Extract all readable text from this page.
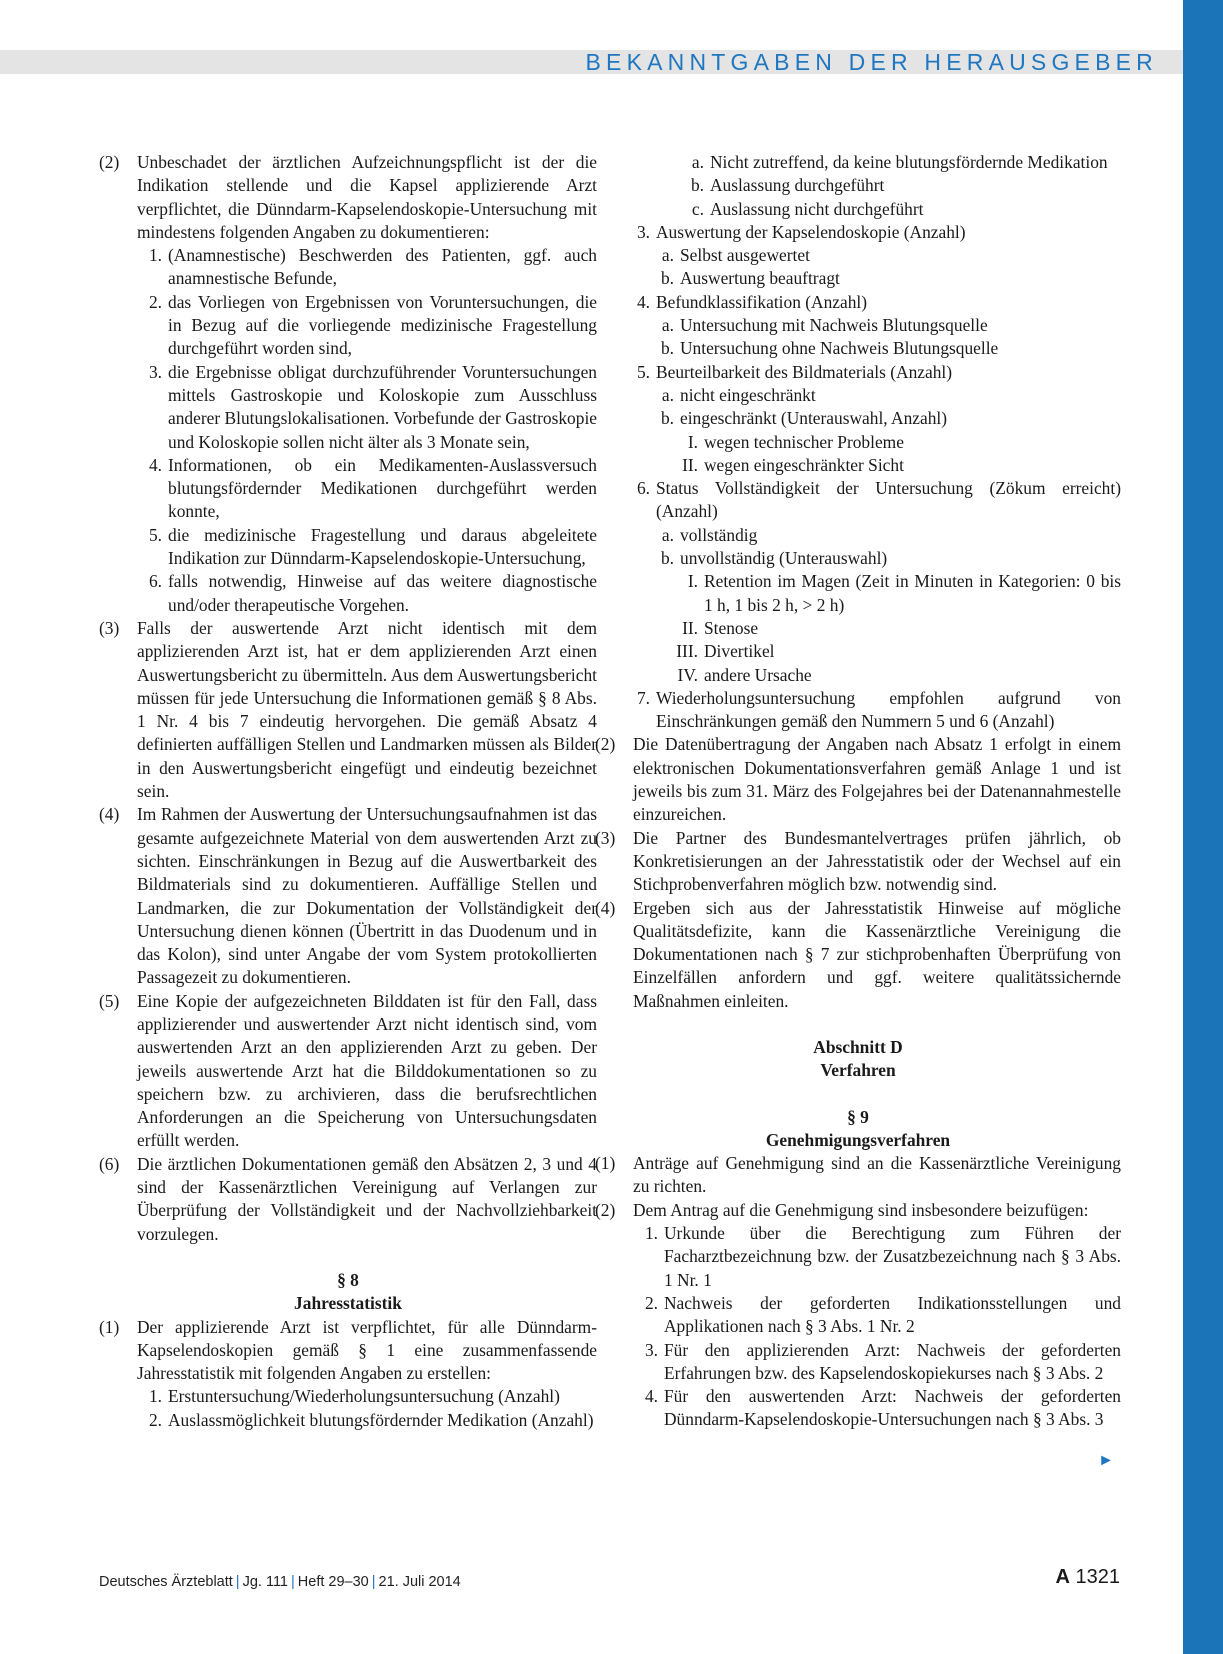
BEKANNTGABEN DER HERAUSGEBER
(2)	Unbeschadet der ärztlichen Aufzeichnungspflicht ist der die Indikation stellende und die Kapsel applizierende Arzt verpflichtet, die Dünndarm-Kapselendoskopie-Untersuchung mit mindestens folgenden Angaben zu dokumentieren:
1. (Anamnestische) Beschwerden des Patienten, ggf. auch anamnestische Befunde,
2. das Vorliegen von Ergebnissen von Voruntersuchungen, die in Bezug auf die vorliegende medizinische Fragestellung durchgeführt worden sind,
3. die Ergebnisse obligat durchzuführender Voruntersuchungen mittels Gastroskopie und Koloskopie zum Ausschluss anderer Blutungslokalisationen. Vorbefunde der Gastroskopie und Koloskopie sollen nicht älter als 3 Monate sein,
4. Informationen, ob ein Medikamenten-Auslassversuch blutungsfördernder Medikationen durchgeführt werden konnte,
5. die medizinische Fragestellung und daraus abgeleitete Indikation zur Dünndarm-Kapselendoskopie-Untersuchung,
6. falls notwendig, Hinweise auf das weitere diagnostische und/oder therapeutische Vorgehen.
(3)	Falls der auswertende Arzt nicht identisch mit dem applizierenden Arzt ist, hat er dem applizierenden Arzt einen Auswertungsbericht zu übermitteln. Aus dem Auswertungsbericht müssen für jede Untersuchung die Informationen gemäß § 8 Abs. 1 Nr. 4 bis 7 eindeutig hervorgehen. Die gemäß Absatz 4 definierten auffälligen Stellen und Landmarken müssen als Bilder in den Auswertungsbericht eingefügt und eindeutig bezeichnet sein.
(4)	Im Rahmen der Auswertung der Untersuchungsaufnahmen ist das gesamte aufgezeichnete Material von dem auswertenden Arzt zu sichten. Einschränkungen in Bezug auf die Auswertbarkeit des Bildmaterials sind zu dokumentieren. Auffällige Stellen und Landmarken, die zur Dokumentation der Vollständigkeit der Untersuchung dienen können (Übertritt in das Duodenum und in das Kolon), sind unter Angabe der vom System protokollierten Passagezeit zu dokumentieren.
(5)	Eine Kopie der aufgezeichneten Bilddaten ist für den Fall, dass applizierender und auswertender Arzt nicht identisch sind, vom auswertenden Arzt an den applizierenden Arzt zu geben. Der jeweils auswertende Arzt hat die Bilddokumentationen so zu speichern bzw. zu archivieren, dass die berufsrechtlichen Anforderungen an die Speicherung von Untersuchungsdaten erfüllt werden.
(6)	Die ärztlichen Dokumentationen gemäß den Absätzen 2, 3 und 4 sind der Kassenärztlichen Vereinigung auf Verlangen zur Überprüfung der Vollständigkeit und der Nachvollziehbarkeit vorzulegen.
§ 8
Jahresstatistik
(1)	Der applizierende Arzt ist verpflichtet, für alle Dünndarm-Kapselendoskopien gemäß § 1 eine zusammenfassende Jahresstatistik mit folgenden Angaben zu erstellen:
1. Erstuntersuchung/Wiederholungsuntersuchung (Anzahl)
2. Auslassmöglichkeit blutungsfördernder Medikation (Anzahl)
a. Nicht zutreffend, da keine blutungsfördernde Medikation
b. Auslassung durchgeführt
c. Auslassung nicht durchgeführt
3. Auswertung der Kapselendoskopie (Anzahl)
a. Selbst ausgewertet
b. Auswertung beauftragt
4. Befundklassifikation (Anzahl)
a. Untersuchung mit Nachweis Blutungsquelle
b. Untersuchung ohne Nachweis Blutungsquelle
5. Beurteilbarkeit des Bildmaterials (Anzahl)
a. nicht eingeschränkt
b. eingeschränkt (Unterauswahl, Anzahl)
I. wegen technischer Probleme
II. wegen eingeschränkter Sicht
6. Status Vollständigkeit der Untersuchung (Zökum erreicht) (Anzahl)
a. vollständig
b. unvollständig (Unterauswahl)
I. Retention im Magen (Zeit in Minuten in Kategorien: 0 bis 1 h, 1 bis 2 h, > 2 h)
II. Stenose
III. Divertikel
IV. andere Ursache
7. Wiederholungsuntersuchung empfohlen aufgrund von Einschränkungen gemäß den Nummern 5 und 6 (Anzahl)
(2)	Die Datenübertragung der Angaben nach Absatz 1 erfolgt in einem elektronischen Dokumentationsverfahren gemäß Anlage 1 und ist jeweils bis zum 31. März des Folgejahres bei der Datenannahmestelle einzureichen.
(3)	Die Partner des Bundesmantelvertrages prüfen jährlich, ob Konkretisierungen an der Jahresstatistik oder der Wechsel auf ein Stichprobenverfahren möglich bzw. notwendig sind.
(4)	Ergeben sich aus der Jahresstatistik Hinweise auf mögliche Qualitätsdefizite, kann die Kassenärztliche Vereinigung die Dokumentationen nach § 7 zur stichprobenhaften Überprüfung von Einzelfällen anfordern und ggf. weitere qualitätssichernde Maßnahmen einleiten.
Abschnitt D
Verfahren
§ 9
Genehmigungsverfahren
(1)	Anträge auf Genehmigung sind an die Kassenärztliche Vereinigung zu richten.
(2)	Dem Antrag auf die Genehmigung sind insbesondere beizufügen:
1. Urkunde über die Berechtigung zum Führen der Facharztbezeichnung bzw. der Zusatzbezeichnung nach § 3 Abs. 1 Nr. 1
2. Nachweis der geforderten Indikationsstellungen und Applikationen nach § 3 Abs. 1 Nr. 2
3. Für den applizierenden Arzt: Nachweis der geforderten Erfahrungen bzw. des Kapselendoskopiekurses nach § 3 Abs. 2
4. Für den auswertenden Arzt: Nachweis der geforderten Dünndarm-Kapselendoskopie-Untersuchungen nach § 3 Abs. 3
►
Deutsches Ärzteblatt | Jg. 111 | Heft 29–30 | 21. Juli 2014	A 1321
